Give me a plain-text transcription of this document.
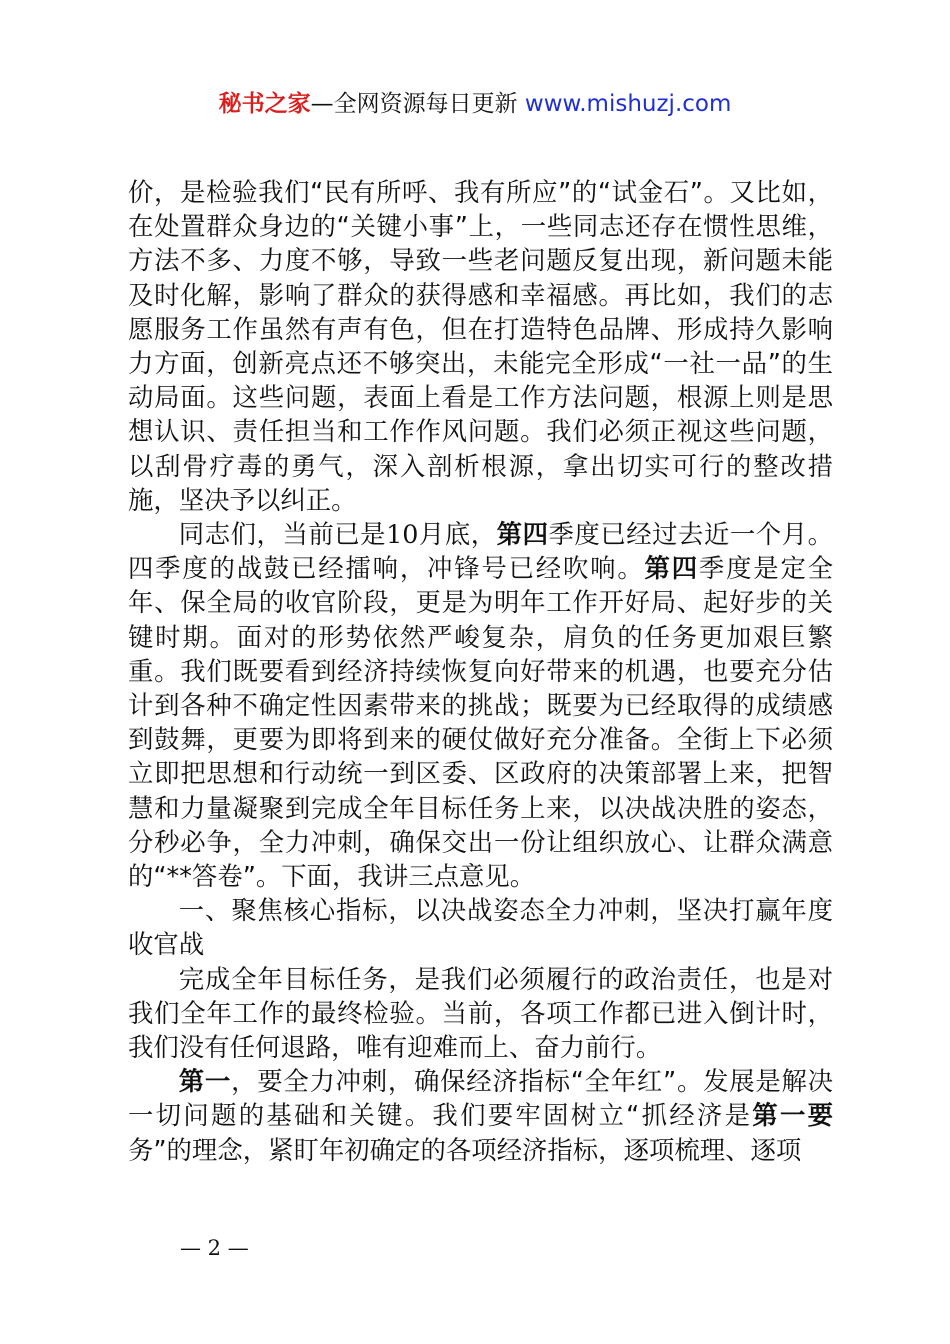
秘书之家—全网资源每日更新 www.mishuzj.com

价，是检验我们“民有所呼、我有所应”的“试金石”。又比如，在处置群众身边的“关键小事”上，一些同志还存在惯性思维，方法不多、力度不够，导致一些老问题反复出现，新问题未能及时化解，影响了群众的获得感和幸福感。再比如，我们的志愿服务工作虽然有声有色，但在打造特色品牌、形成持久影响力方面，创新亮点还不够突出，未能完全形成“一社一品”的生动局面。这些问题，表面上看是工作方法问题，根源上则是思想认识、责任担当和工作作风问题。我们必须正视这些问题，以刮骨疗毒的勇气，深入剖析根源，拿出切实可行的整改措施，坚决予以纠正。

同志们，当前已是10月底，第四季度已经过去近一个月。四季度的战鼓已经擂响，冲锋号已经吹响。第四季度是定全年、保全局的收官阶段，更是为明年工作开好局、起好步的关键时期。面对的形势依然严峻复杂，肩负的任务更加艰巨繁重。我们既要看到经济持续恢复向好带来的机遇，也要充分估计到各种不确定性因素带来的挑战；既要为已经取得的成绩感到鼓舞，更要为即将到来的硬仗做好充分准备。全街上下必须立即把思想和行动统一到区委、区政府的决策部署上来，把智慧和力量凝聚到完成全年目标任务上来，以决战决胜的姿态，分秒必争，全力冲刺，确保交出一份让组织放心、让群众满意的“**答卷”。下面，我讲三点意见。

一、聚焦核心指标，以决战姿态全力冲刺，坚决打赢年度收官战

完成全年目标任务，是我们必须履行的政治责任，也是对我们全年工作的最终检验。当前，各项工作都已进入倒计时，我们没有任何退路，唯有迎难而上、奋力前行。

第一，要全力冲刺，确保经济指标“全年红”。发展是解决一切问题的基础和关键。我们要牢固树立“抓经济是第一要务”的理念，紧盯年初确定的各项经济指标，逐项梳理、逐项

— 2 —
